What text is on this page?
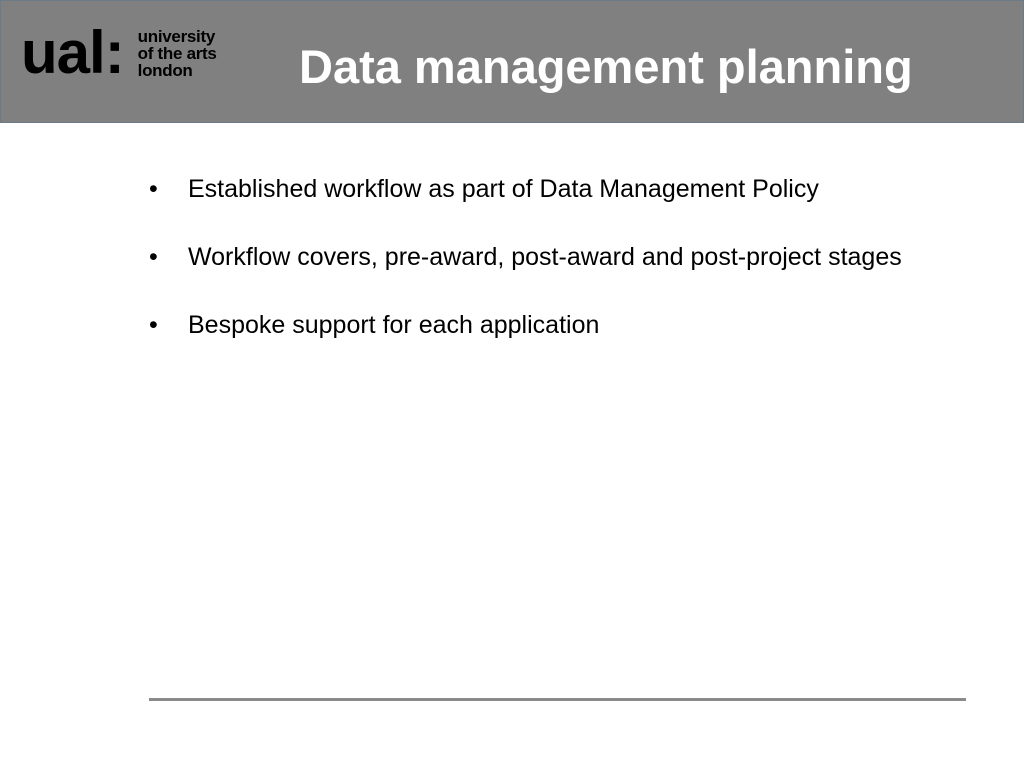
ual: university
of the arts
london	Data management planning
• Established workflow as part of Data Management Policy
• Workflow covers, pre-award, post-award and post-project stages
• Bespoke support for each application
